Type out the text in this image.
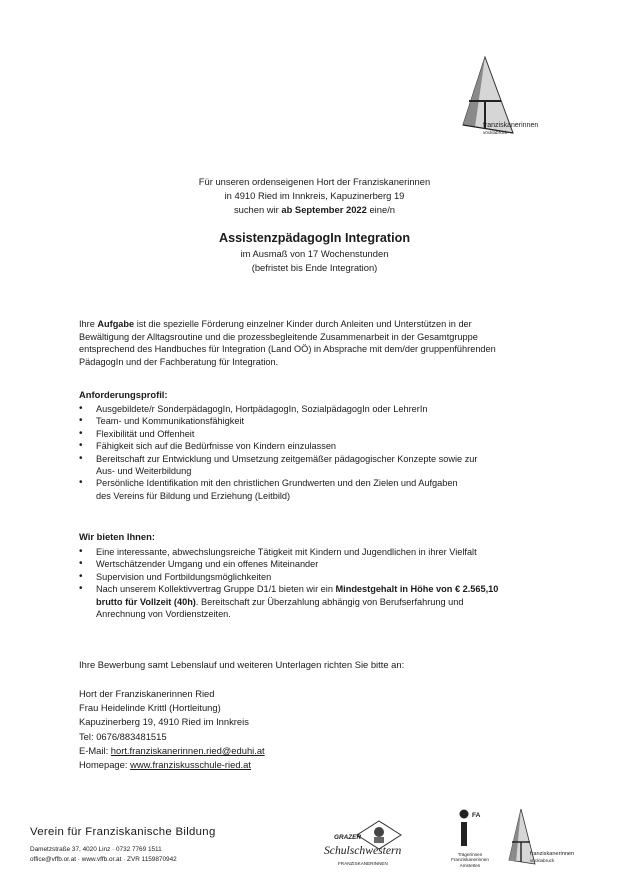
franziskanerinnen
vöcklabruck
Für unseren ordenseigenen Hort der Franziskanerinnen
in 4910 Ried im Innkreis, Kapuzinerberg 19
suchen wir ab September 2022 eine/n
AssistenzpädagogIn Integration
im Ausmaß von 17 Wochenstunden
(befristet bis Ende Integration)
Ihre Aufgabe ist die spezielle Förderung einzelner Kinder durch Anleiten und Unterstützen in der
Bewältigung der Alltagsroutine und die prozessbegleitende Zusammenarbeit in der Gesamtgruppe
entsprechend des Handbuches für Integration (Land OÖ) in Absprache mit dem/der gruppenführenden
PädagogIn und der Fachberatung für Integration.
Anforderungsprofil:
• Ausgebildete/r SonderpädagogIn, HortpädagogIn, SozialpädagogIn oder LehrerIn
• Team- und Kommunikationsfähigkeit
• Flexibilität und Offenheit
• Fähigkeit sich auf die Bedürfnisse von Kindern einzulassen
• Bereitschaft zur Entwicklung und Umsetzung zeitgemäßer pädagogischer Konzepte sowie zur
Aus- und Weiterbildung
• Persönliche Identifikation mit den christlichen Grundwerten und den Zielen und Aufgaben
des Vereins für Bildung und Erziehung (Leitbild)
Wir bieten Ihnen:
• Eine interessante, abwechslungsreiche Tätigkeit mit Kindern und Jugendlichen in ihrer Vielfalt
• Wertschätzender Umgang und ein offenes Miteinander
• Supervision und Fortbildungsmöglichkeiten
• Nach unserem Kollektivvertrag Gruppe D1/1 bieten wir ein Mindestgehalt in Höhe von € 2.565,10
brutto für Vollzeit (40h). Bereitschaft zur Überzahlung abhängig von Berufserfahrung und
Anrechnung von Vordienstzeiten.
Ihre Bewerbung samt Lebenslauf und weiteren Unterlagen richten Sie bitte an:
Hort der Franziskanerinnen Ried
Frau Heidelinde Krittl (Hortleitung)
Kapuzinerberg 19, 4910 Ried im Innkreis
Tel: 0676/883481515
E-Mail: hort.franziskanerinnen.ried@eduhi.at
Homepage: www.franziskusschule-ried.at
Verein für Franziskanische Bildung
Dametzstraße 37, 4020 Linz · 0732 7769 1511
office@vffb.or.at · www.vffb.or.at · ZVR 1159870942
GRAZER
Schulschwestern
FRANZISKANERINNEN
FA
Trägerinnen
Franziskanerinnen
Amstetten
franziskanerinnen
vöcklabruck
